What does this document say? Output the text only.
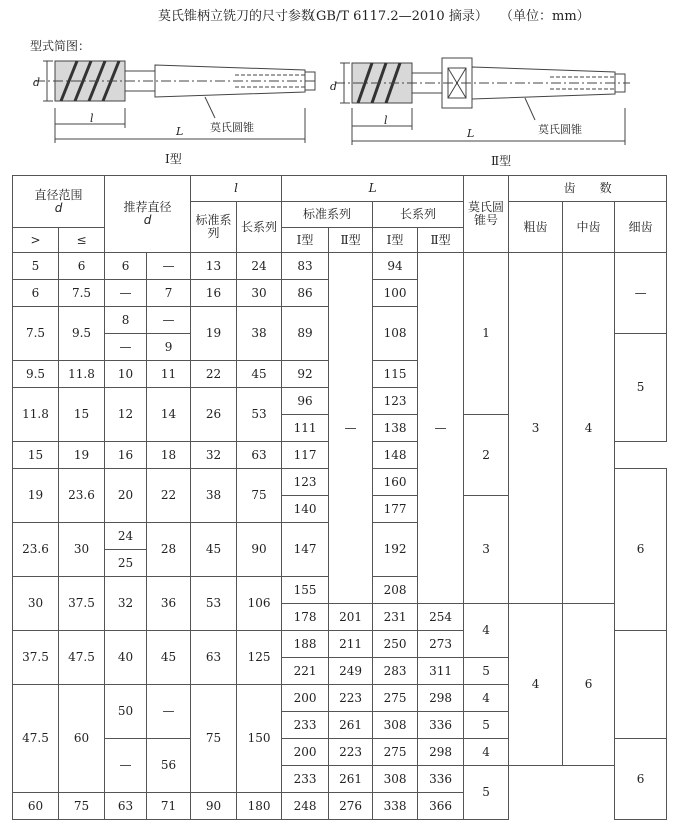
莫氏锥柄立铣刀的尺寸参数
（GB/T 6117.2—2010 摘录） （单位：mm）
型式简图：
d
l
L 莫氏圆锥
Ⅰ型
d
l
L	莫氏圆锥
Ⅱ型
直径范围
d		推荐直径
d		l		L				莫氏圆锥号	齿　　数			
				标准系列	长系列	标准系列		长系列			粗齿	中齿	细齿	
>	≤					Ⅰ型	Ⅱ型	Ⅰ型	Ⅱ型					
5	6	6	—	13	24	83	—	94	—	1	3	4	—	
6	7.5	—	7	16	30	86		100						
7.5	9.5	8	—	19	38	89		108						
		—	9										5	
9.5	11.8	10	11	22	45	92		115						
11.8	15	12	14	26	53	96		123						
						111		138		2				
15	19	16	18	32	63	117		148						
19	23.6	20	22	38	75	123		160					6	
						140		177		3				
23.6	30	24	28	45	90	147		192						
		25												
30	37.5	32	36	53	106	155		208						
						178	201	231	254	4	4	6	
37.5	47.5	40	45	63	125	188	211	250	273					
						221	249	283	311	5				
47.5	60	50	—	75	150	200	223	275	298	4				
						233	261	308	336	5				
		—	56			200	223	275	298	4			6		
						233	261	308	336	5				
60	75	63	71	90	180	248	276	338	366					
